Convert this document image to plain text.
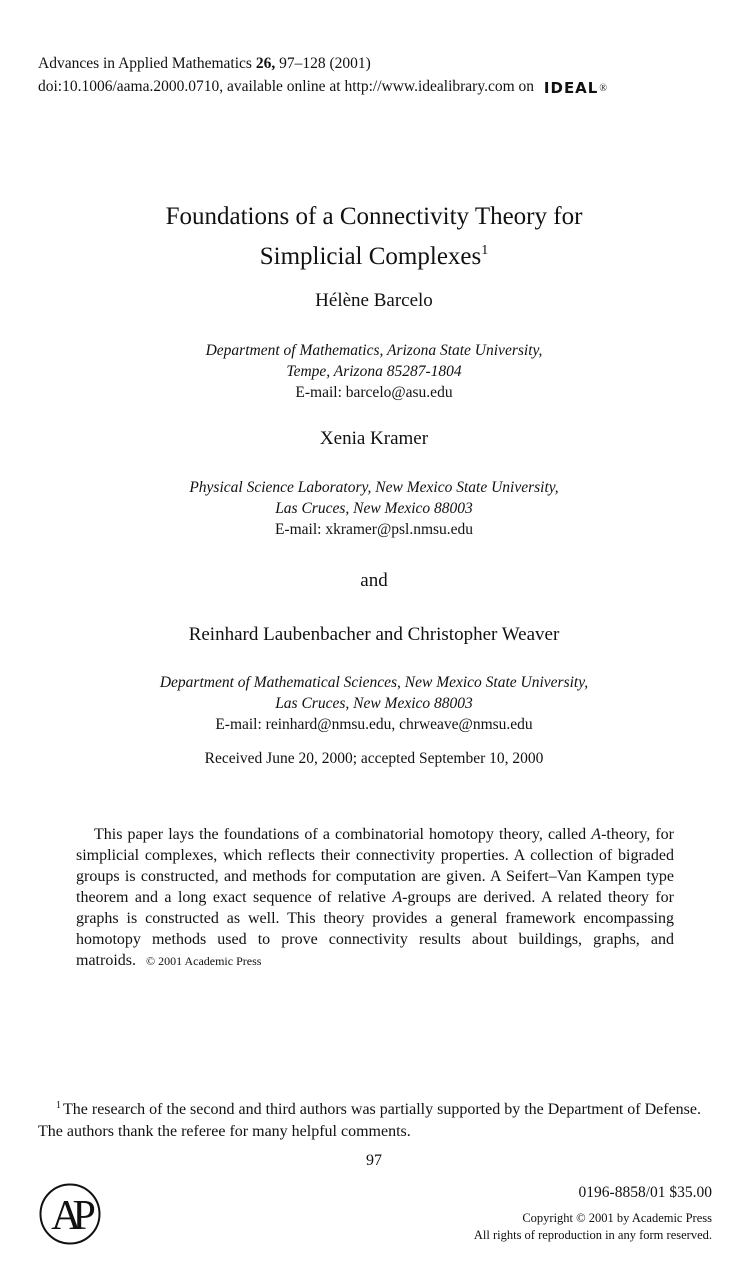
Advances in Applied Mathematics 26, 97–128 (2001)
doi:10.1006/aama.2000.0710, available online at http://www.idealibrary.com on IDEAL ®
Foundations of a Connectivity Theory for
Simplicial Complexes$^1$
Hélène Barcelo
Department of Mathematics, Arizona State University,
Tempe, Arizona 85287-1804
E-mail: barcelo@asu.edu
Xenia Kramer
Physical Science Laboratory, New Mexico State University,
Las Cruces, New Mexico 88003
E-mail: xkramer@psl.nmsu.edu
and
Reinhard Laubenbacher and Christopher Weaver
Department of Mathematical Sciences, New Mexico State University,
Las Cruces, New Mexico 88003
E-mail: reinhard@nmsu.edu, chrweave@nmsu.edu
Received June 20, 2000; accepted September 10, 2000
This paper lays the foundations of a combinatorial homotopy theory, called A-theory, for simplicial complexes, which reflects their connectivity properties. A collection of bigraded groups is constructed, and methods for computation are given. A Seifert–Van Kampen type theorem and a long exact sequence of relative A-groups are derived. A related theory for graphs is constructed as well. This theory provides a general framework encompassing homotopy methods used to prove connectivity results about buildings, graphs, and matroids. © 2001 Academic Press
$^1$ The research of the second and third authors was partially supported by the Department of Defense. The authors thank the referee for many helpful comments.
97
AP
0196-8858/01 $35.00
Copyright © 2001 by Academic Press
All rights of reproduction in any form reserved.
